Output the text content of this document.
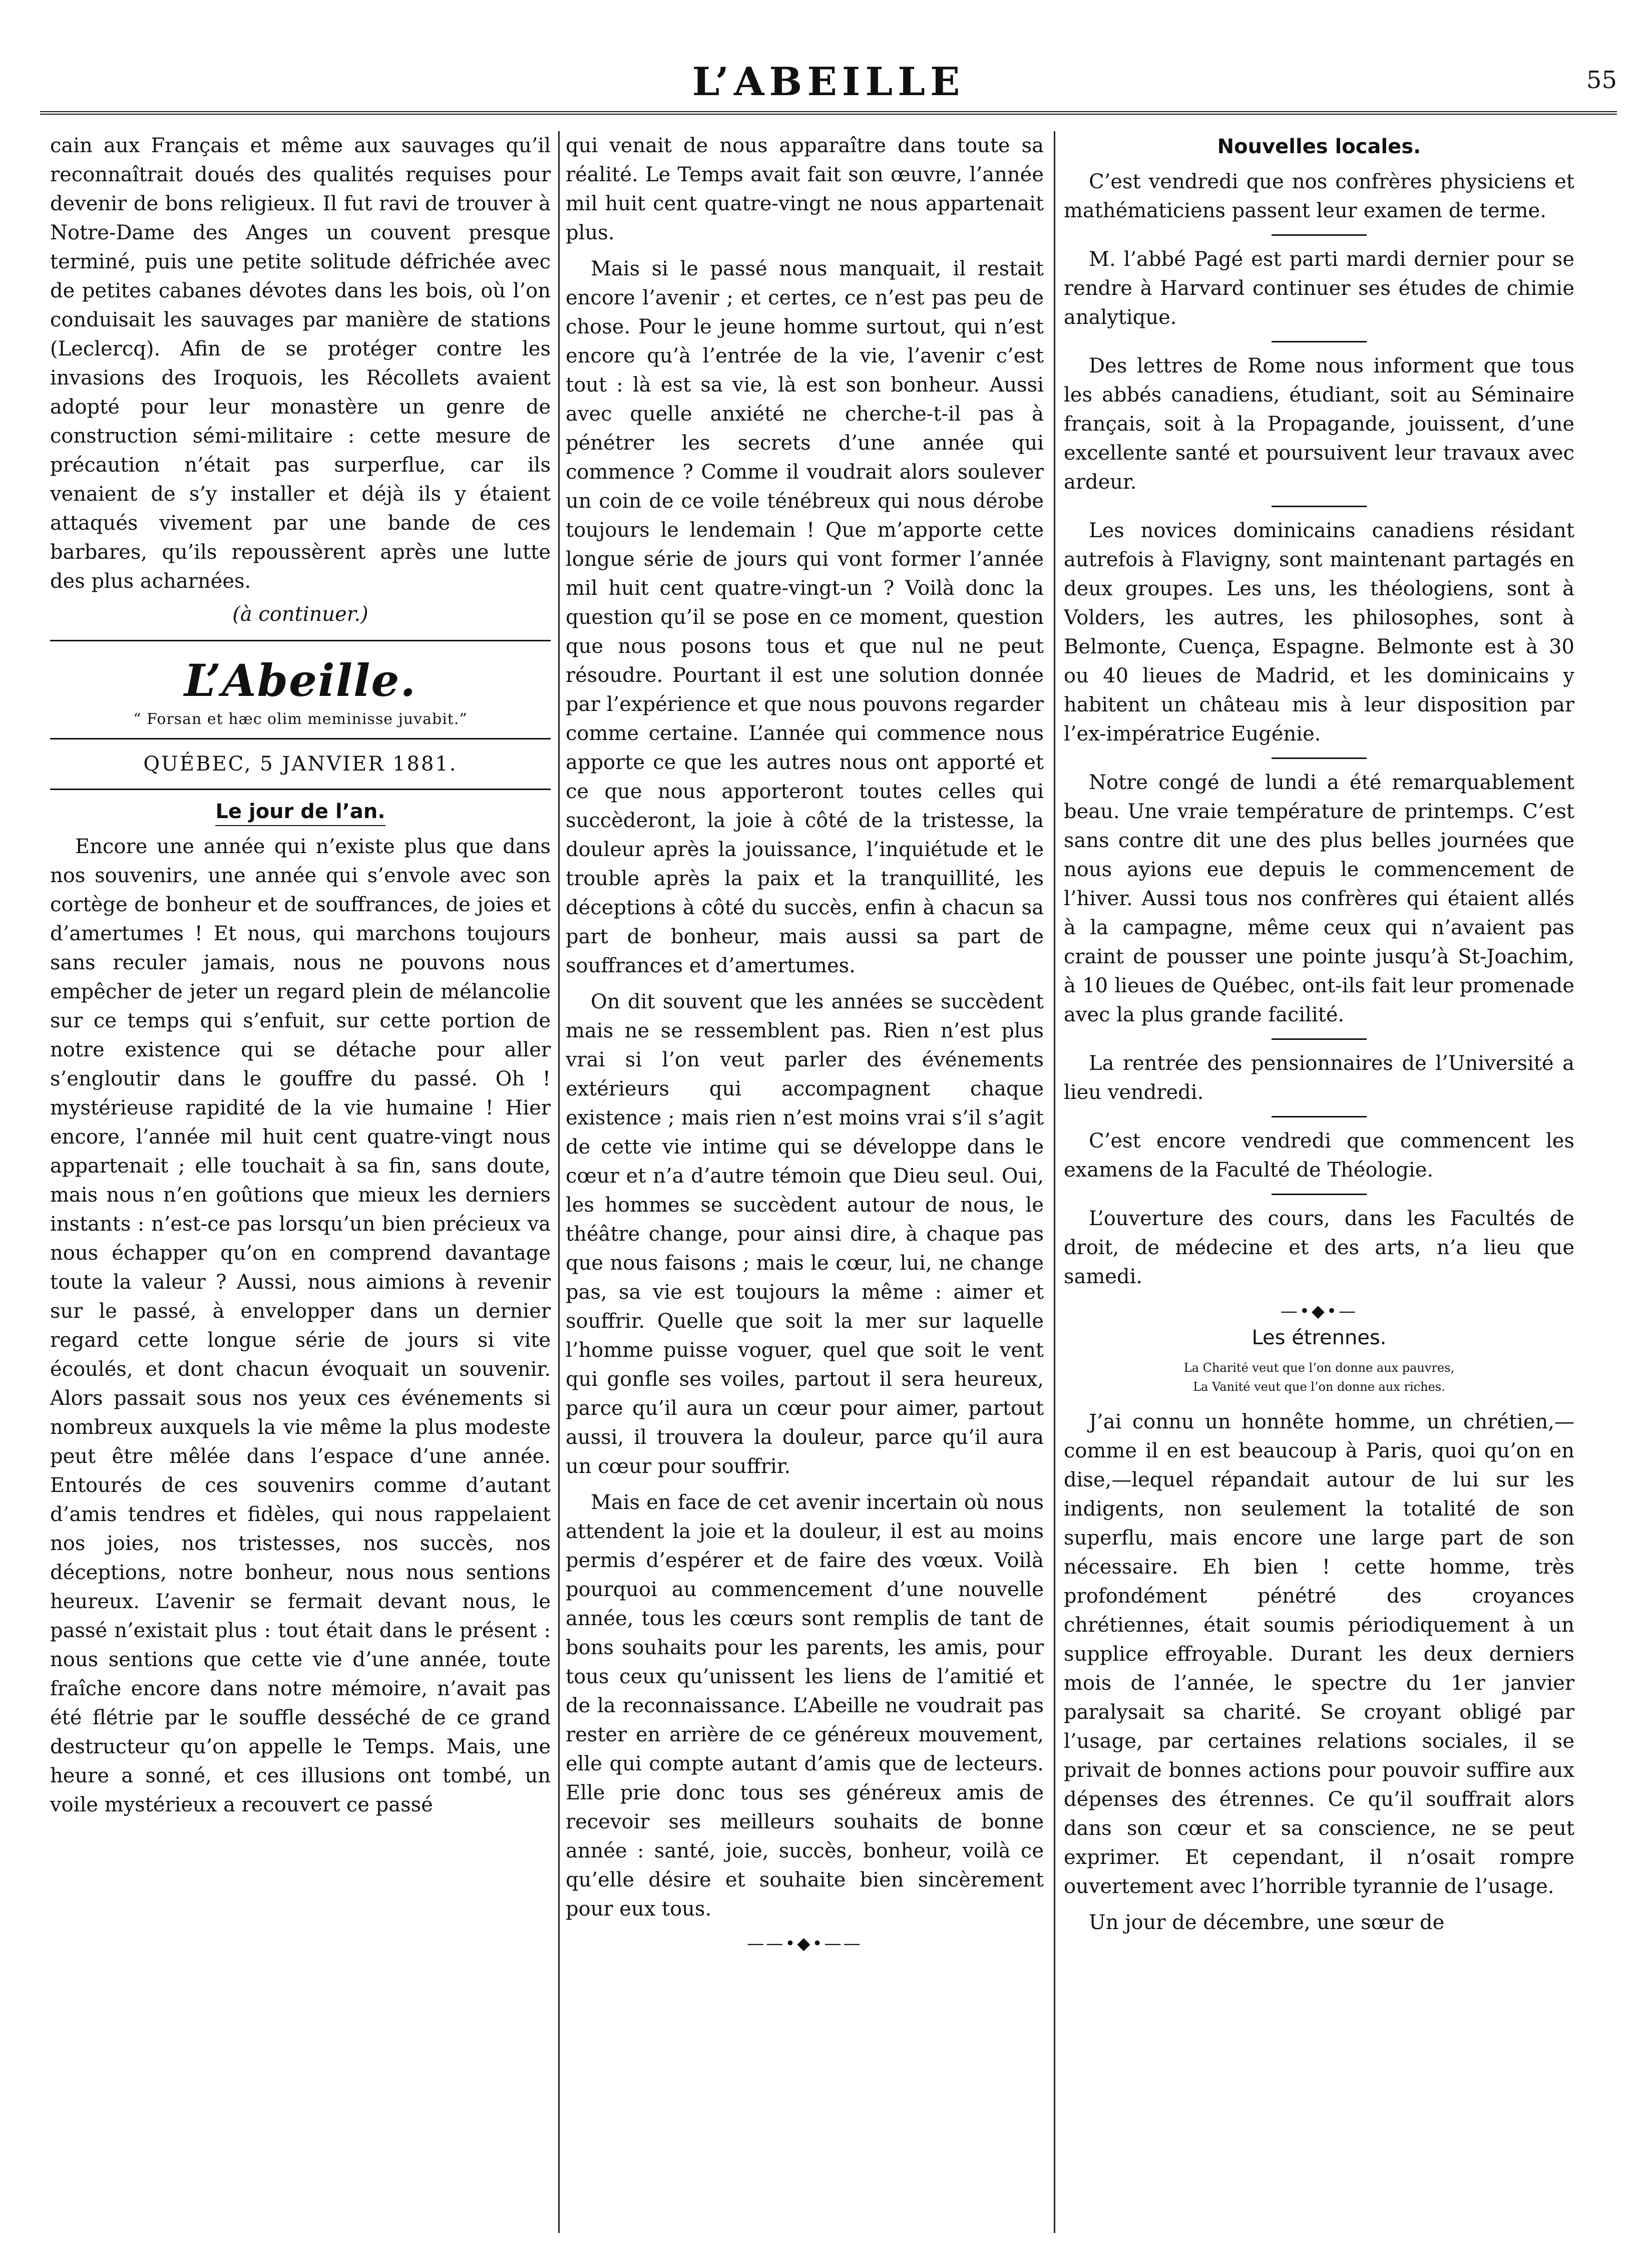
L’ABEILLE	55

cain aux Français et même aux sauvages qu’il reconnaîtrait doués des qualités requises pour devenir de bons religieux. Il fut ravi de trouver à Notre-Dame des Anges un couvent presque terminé, puis une petite solitude défrichée avec de petites cabanes dévotes dans les bois, où l’on conduisait les sauvages par manière de stations (Leclercq). Afin de se protéger contre les invasions des Iroquois, les Récollets avaient adopté pour leur monastère un genre de construction sémi-militaire : cette mesure de précaution n’était pas surperflue, car ils venaient de s’y installer et déjà ils y étaient attaqués vivement par une bande de ces barbares, qu’ils repoussèrent après une lutte des plus acharnées.

(à continuer.)
L’Abeille.
“ Forsan et hæc olim meminisse juvabit.”
QUÉBEC, 5 JANVIER 1881.
Le jour de l’an.

Encore une année qui n’existe plus que dans nos souvenirs, une année qui s’envole avec son cortège de bonheur et de souffrances, de joies et d’amertumes ! Et nous, qui marchons toujours sans reculer jamais, nous ne pouvons nous empêcher de jeter un regard plein de mélancolie sur ce temps qui s’enfuit, sur cette portion de notre existence qui se détache pour aller s’engloutir dans le gouffre du passé. Oh ! mystérieuse rapidité de la vie humaine ! Hier encore, l’année mil huit cent quatre-vingt nous appartenait ; elle touchait à sa fin, sans doute, mais nous n’en goûtions que mieux les derniers instants : n’est-ce pas lorsqu’un bien précieux va nous échapper qu’on en comprend davantage toute la valeur ? Aussi, nous aimions à revenir sur le passé, à envelopper dans un dernier regard cette longue série de jours si vite écoulés, et dont chacun évoquait un souvenir. Alors passait sous nos yeux ces événements si nombreux auxquels la vie même la plus modeste peut être mêlée dans l’espace d’une année. Entourés de ces souvenirs comme d’autant d’amis tendres et fidèles, qui nous rappelaient nos joies, nos tristesses, nos succès, nos déceptions, notre bonheur, nous nous sentions heureux. L’avenir se fermait devant nous, le passé n’existait plus : tout était dans le présent : nous sentions que cette vie d’une année, toute fraîche encore dans notre mémoire, n’avait pas été flétrie par le souffle desséché de ce grand destructeur qu’on appelle le Temps. Mais, une heure a sonné, et ces illusions ont tombé, un voile mystérieux a recouvert ce passé

qui venait de nous apparaître dans toute sa réalité. Le Temps avait fait son œuvre, l’année mil huit cent quatre-vingt ne nous appartenait plus.

Mais si le passé nous manquait, il restait encore l’avenir ; et certes, ce n’est pas peu de chose. Pour le jeune homme surtout, qui n’est encore qu’à l’entrée de la vie, l’avenir c’est tout : là est sa vie, là est son bonheur. Aussi avec quelle anxiété ne cherche-t-il pas à pénétrer les secrets d’une année qui commence ? Comme il voudrait alors soulever un coin de ce voile ténébreux qui nous dérobe toujours le lendemain ! Que m’apporte cette longue série de jours qui vont former l’année mil huit cent quatre-vingt-un ? Voilà donc la question qu’il se pose en ce moment, question que nous posons tous et que nul ne peut résoudre. Pourtant il est une solution donnée par l’expérience et que nous pouvons regarder comme certaine. L’année qui commence nous apporte ce que les autres nous ont apporté et ce que nous apporteront toutes celles qui succèderont, la joie à côté de la tristesse, la douleur après la jouissance, l’inquiétude et le trouble après la paix et la tranquillité, les déceptions à côté du succès, enfin à chacun sa part de bonheur, mais aussi sa part de souffrances et d’amertumes.

On dit souvent que les années se succèdent mais ne se ressemblent pas. Rien n’est plus vrai si l’on veut parler des événements extérieurs qui accompagnent chaque existence ; mais rien n’est moins vrai s’il s’agit de cette vie intime qui se développe dans le cœur et n’a d’autre témoin que Dieu seul. Oui, les hommes se succèdent autour de nous, le théâtre change, pour ainsi dire, à chaque pas que nous faisons ; mais le cœur, lui, ne change pas, sa vie est toujours la même : aimer et souffrir. Quelle que soit la mer sur laquelle l’homme puisse voguer, quel que soit le vent qui gonfle ses voiles, partout il sera heureux, parce qu’il aura un cœur pour aimer, partout aussi, il trouvera la douleur, parce qu’il aura un cœur pour souffrir.

Mais en face de cet avenir incertain où nous attendent la joie et la douleur, il est au moins permis d’espérer et de faire des vœux. Voilà pourquoi au commencement d’une nouvelle année, tous les cœurs sont remplis de tant de bons souhaits pour les parents, les amis, pour tous ceux qu’unissent les liens de l’amitié et de la reconnaissance. L’Abeille ne voudrait pas rester en arrière de ce généreux mouvement, elle qui compte autant d’amis que de lecteurs. Elle prie donc tous ses généreux amis de recevoir ses meilleurs souhaits de bonne année : santé, joie, succès, bonheur, voilà ce qu’elle désire et souhaite bien sincèrement pour eux tous.

——•◆•——
Nouvelles locales.

C’est vendredi que nos confrères physiciens et mathématiciens passent leur examen de terme.

M. l’abbé Pagé est parti mardi dernier pour se rendre à Harvard continuer ses études de chimie analytique.

Des lettres de Rome nous informent que tous les abbés canadiens, étudiant, soit au Séminaire français, soit à la Propagande, jouissent, d’une excellente santé et poursuivent leur travaux avec ardeur.

Les novices dominicains canadiens résidant autrefois à Flavigny, sont maintenant partagés en deux groupes. Les uns, les théologiens, sont à Volders, les autres, les philosophes, sont à Belmonte, Cuença, Espagne. Belmonte est à 30 ou 40 lieues de Madrid, et les dominicains y habitent un château mis à leur disposition par l’ex-impératrice Eugénie.

Notre congé de lundi a été remarquablement beau. Une vraie température de printemps. C’est sans contre dit une des plus belles journées que nous ayions eue depuis le commencement de l’hiver. Aussi tous nos confrères qui étaient allés à la campagne, même ceux qui n’avaient pas craint de pousser une pointe jusqu’à St-Joachim, à 10 lieues de Québec, ont-ils fait leur promenade avec la plus grande facilité.

La rentrée des pensionnaires de l’Université a lieu vendredi.

C’est encore vendredi que commencent les examens de la Faculté de Théologie.

L’ouverture des cours, dans les Facultés de droit, de médecine et des arts, n’a lieu que samedi.

—•◆•—
Les étrennes.
La Charité veut que l’on donne aux pauvres,
La Vanité veut que l’on donne aux riches.

J’ai connu un honnête homme, un chrétien,—comme il en est beaucoup à Paris, quoi qu’on en dise,—lequel répandait autour de lui sur les indigents, non seulement la totalité de son superflu, mais encore une large part de son nécessaire. Eh bien ! cette homme, très profondément pénétré des croyances chrétiennes, était soumis périodiquement à un supplice effroyable. Durant les deux derniers mois de l’année, le spectre du 1er janvier paralysait sa charité. Se croyant obligé par l’usage, par certaines relations sociales, il se privait de bonnes actions pour pouvoir suffire aux dépenses des étrennes. Ce qu’il souffrait alors dans son cœur et sa conscience, ne se peut exprimer. Et cependant, il n’osait rompre ouvertement avec l’horrible tyrannie de l’usage.

Un jour de décembre, une sœur de
